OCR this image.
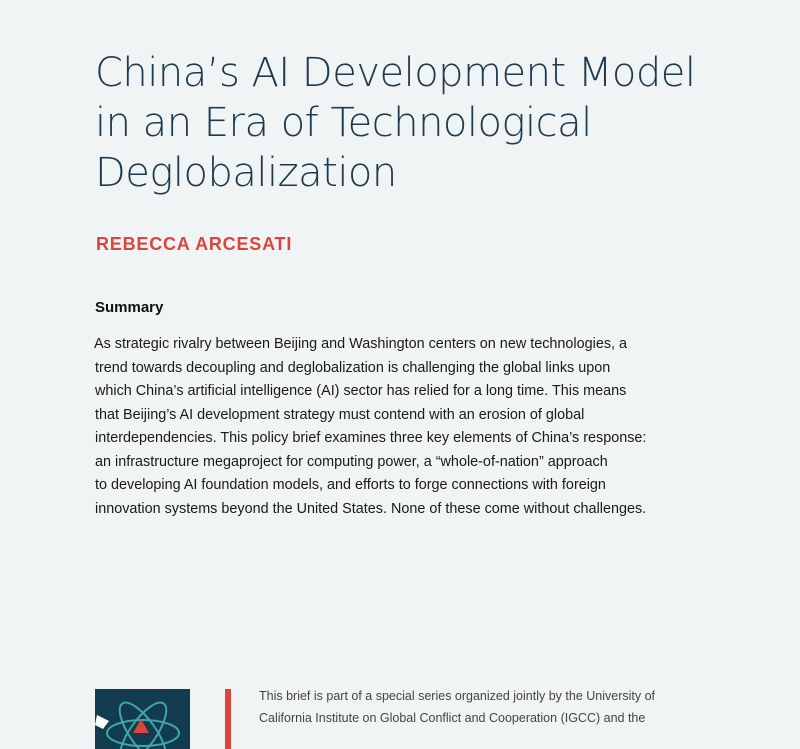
China’s AI Development Model
in an Era of Technological
Deglobalization

REBECCA ARCESATI

Summary

As strategic rivalry between Beijing and Washington centers on new technologies, a
trend towards decoupling and deglobalization is challenging the global links upon
which China’s artificial intelligence (AI) sector has relied for a long time. This means
that Beijing’s AI development strategy must contend with an erosion of global
interdependencies. This policy brief examines three key elements of China’s response:
an infrastructure megaproject for computing power, a “whole-of-nation” approach
to developing AI foundation models, and efforts to forge connections with foreign
innovation systems beyond the United States. None of these come without challenges.

This brief is part of a special series organized jointly by the University of
California Institute on Global Conflict and Cooperation (IGCC) and the
